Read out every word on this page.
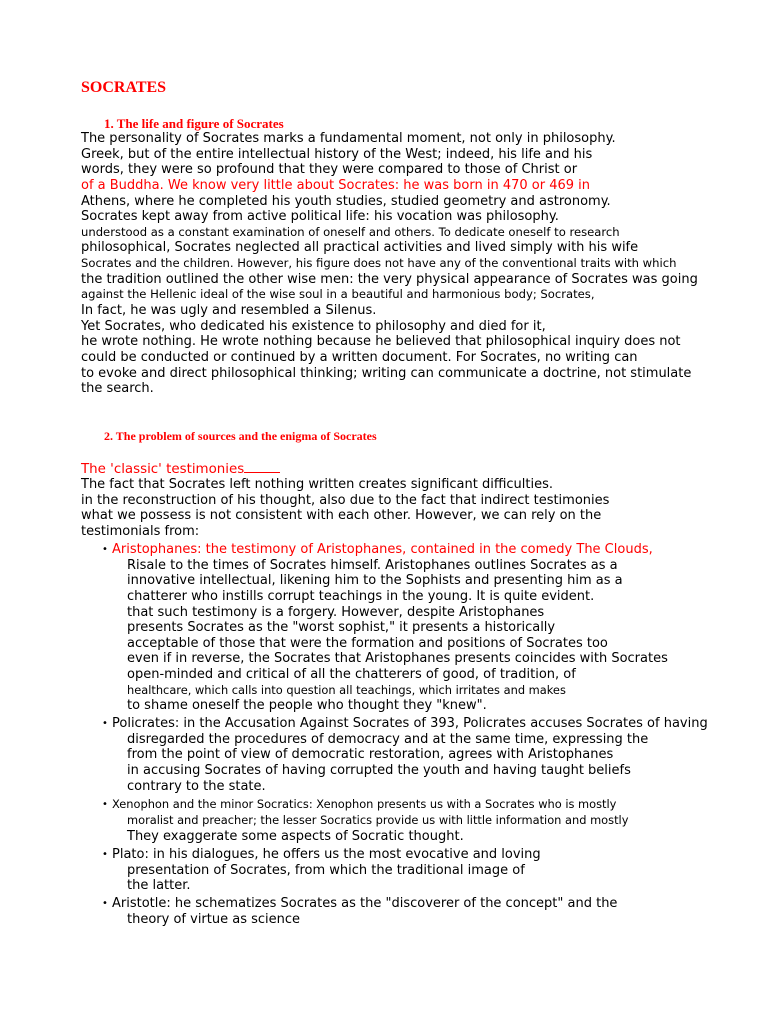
SOCRATES
1. The life and figure of Socrates
The personality of Socrates marks a fundamental moment, not only in philosophy.
Greek, but of the entire intellectual history of the West; indeed, his life and his
words, they were so profound that they were compared to those of Christ or
of a Buddha. We know very little about Socrates: he was born in 470 or 469 in
Athens, where he completed his youth studies, studied geometry and astronomy.
Socrates kept away from active political life: his vocation was philosophy.
understood as a constant examination of oneself and others. To dedicate oneself to research
philosophical, Socrates neglected all practical activities and lived simply with his wife
Socrates and the children. However, his figure does not have any of the conventional traits with which
the tradition outlined the other wise men: the very physical appearance of Socrates was going
against the Hellenic ideal of the wise soul in a beautiful and harmonious body; Socrates,
In fact, he was ugly and resembled a Silenus.
Yet Socrates, who dedicated his existence to philosophy and died for it,
he wrote nothing. He wrote nothing because he believed that philosophical inquiry does not
could be conducted or continued by a written document. For Socrates, no writing can
to evoke and direct philosophical thinking; writing can communicate a doctrine, not stimulate
the search.
2. The problem of sources and the enigma of Socrates
The 'classic' testimonies
The fact that Socrates left nothing written creates significant difficulties.
in the reconstruction of his thought, also due to the fact that indirect testimonies
what we possess is not consistent with each other. However, we can rely on the
testimonials from:
• Aristophanes: the testimony of Aristophanes, contained in the comedy The Clouds,
Risale to the times of Socrates himself. Aristophanes outlines Socrates as a
innovative intellectual, likening him to the Sophists and presenting him as a
chatterer who instills corrupt teachings in the young. It is quite evident.
that such testimony is a forgery. However, despite Aristophanes
presents Socrates as the "worst sophist," it presents a historically
acceptable of those that were the formation and positions of Socrates too
even if in reverse, the Socrates that Aristophanes presents coincides with Socrates
open-minded and critical of all the chatterers of good, of tradition, of
healthcare, which calls into question all teachings, which irritates and makes
to shame oneself the people who thought they "knew".
• Policrates: in the Accusation Against Socrates of 393, Policrates accuses Socrates of having
disregarded the procedures of democracy and at the same time, expressing the
from the point of view of democratic restoration, agrees with Aristophanes
in accusing Socrates of having corrupted the youth and having taught beliefs
contrary to the state.
• Xenophon and the minor Socratics: Xenophon presents us with a Socrates who is mostly
moralist and preacher; the lesser Socratics provide us with little information and mostly
They exaggerate some aspects of Socratic thought.
• Plato: in his dialogues, he offers us the most evocative and loving
presentation of Socrates, from which the traditional image of
the latter.
• Aristotle: he schematizes Socrates as the "discoverer of the concept" and the
theory of virtue as science
